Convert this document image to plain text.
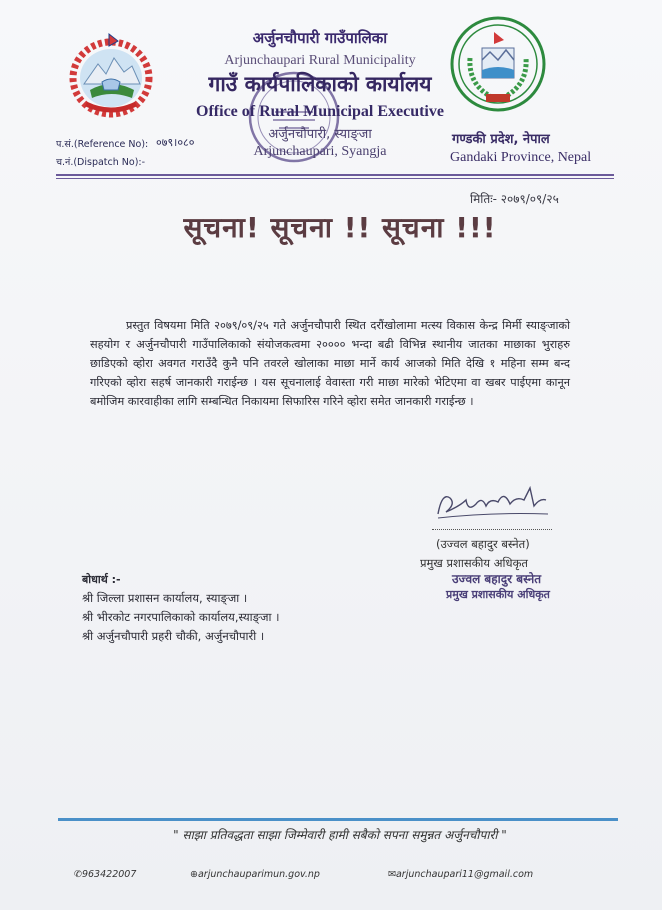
अर्जुनचौपारी गाउँपालिका
Arjunchaupari Rural Municipality
गाउँ कार्यपालिकाको कार्यालय
Office of Rural Municipal Executive
अर्जुनचौपारी, स्याङ्जा
Arjunchaupari, Syangja
प.सं.(Reference No): ०७९।०८०
च.नं.(Dispatch No):-
गण्डकी प्रदेश, नेपाल
Gandaki Province, Nepal
मितिः- २०७९/०९/२५
सूचना! सूचना !! सूचना !!!
प्रस्तुत विषयमा मिति २०७९/०९/२५ गते अर्जुनचौपारी स्थित दरौंखोलामा मत्स्य विकास केन्द्र मिर्मी स्याङ्जाको सहयोग र अर्जुनचौपारी गाउँपालिकाको संयोजकत्वमा २०००० भन्दा बढी विभिन्न स्थानीय जातका माछाका भुराहरु छाडिएको व्होरा अवगत गराउँदै कुनै पनि तवरले खोलाका माछा मार्ने कार्य आजको मिति देखि १ महिना सम्म बन्द गरिएको व्होरा सहर्ष जानकारी गराईन्छ । यस सूचनालाई वेवास्ता गरी माछा मारेको भेटिएमा वा खबर पाईएमा कानून बमोजिम कारवाहीका लागि सम्बन्धित निकायमा सिफारिस गरिने व्होरा समेत जानकारी गराईन्छ ।
(उज्वल बहादुर बस्नेत)
प्रमुख प्रशासकीय अधिकृत
उज्वल बहादुर बस्नेत
प्रमुख प्रशासकीय अधिकृत
बोधार्थ :-
श्री जिल्ला प्रशासन कार्यालय, स्याङ्जा ।
श्री भीरकोट नगरपालिकाको कार्यालय,स्याङ्जा ।
श्री अर्जुनचौपारी प्रहरी चौकी, अर्जुनचौपारी ।
" साझा प्रतिवद्धता साझा जिम्मेवारी हामी सबैको सपना समुन्नत अर्जुनचौपारी "
✆963422007	⊕arjunchauparimun.gov.np	✉arjunchaupari11@gmail.com
